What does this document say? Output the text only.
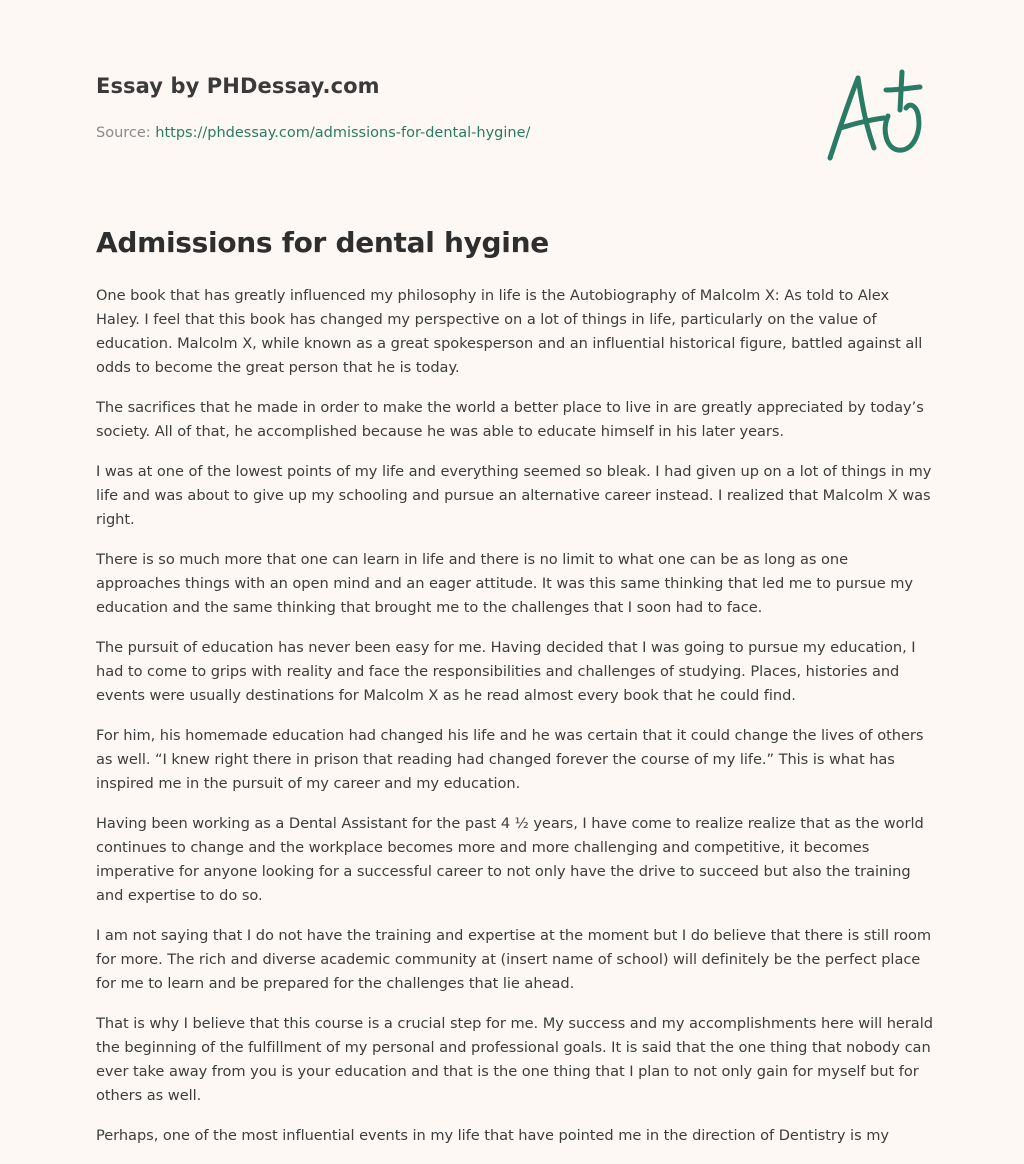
Essay by PHDessay.com
Source: https://phdessay.com/admissions-for-dental-hygine/
Admissions for dental hygine

One book that has greatly influenced my philosophy in life is the Autobiography of Malcolm X: As told to Alex Haley. I feel that this book has changed my perspective on a lot of things in life, particularly on the value of education. Malcolm X, while known as a great spokesperson and an influential historical figure, battled against all odds to become the great person that he is today.

The sacrifices that he made in order to make the world a better place to live in are greatly appreciated by today’s society. All of that, he accomplished because he was able to educate himself in his later years.

I was at one of the lowest points of my life and everything seemed so bleak. I had given up on a lot of things in my life and was about to give up my schooling and pursue an alternative career instead. I realized that Malcolm X was right.

There is so much more that one can learn in life and there is no limit to what one can be as long as one approaches things with an open mind and an eager attitude. It was this same thinking that led me to pursue my education and the same thinking that brought me to the challenges that I soon had to face.

The pursuit of education has never been easy for me. Having decided that I was going to pursue my education, I had to come to grips with reality and face the responsibilities and challenges of studying. Places, histories and events were usually destinations for Malcolm X as he read almost every book that he could find.

For him, his homemade education had changed his life and he was certain that it could change the lives of others as well. “I knew right there in prison that reading had changed forever the course of my life.” This is what has inspired me in the pursuit of my career and my education.

Having been working as a Dental Assistant for the past 4 ½ years, I have come to realize realize that as the world continues to change and the workplace becomes more and more challenging and competitive, it becomes imperative for anyone looking for a successful career to not only have the drive to succeed but also the training and expertise to do so.

I am not saying that I do not have the training and expertise at the moment but I do believe that there is still room for more. The rich and diverse academic community at (insert name of school) will definitely be the perfect place for me to learn and be prepared for the challenges that lie ahead.

That is why I believe that this course is a crucial step for me. My success and my accomplishments here will herald the beginning of the fulfillment of my personal and professional goals. It is said that the one thing that nobody can ever take away from you is your education and that is the one thing that I plan to not only gain for myself but for others as well.

Perhaps, one of the most influential events in my life that have pointed me in the direction of Dentistry is my
